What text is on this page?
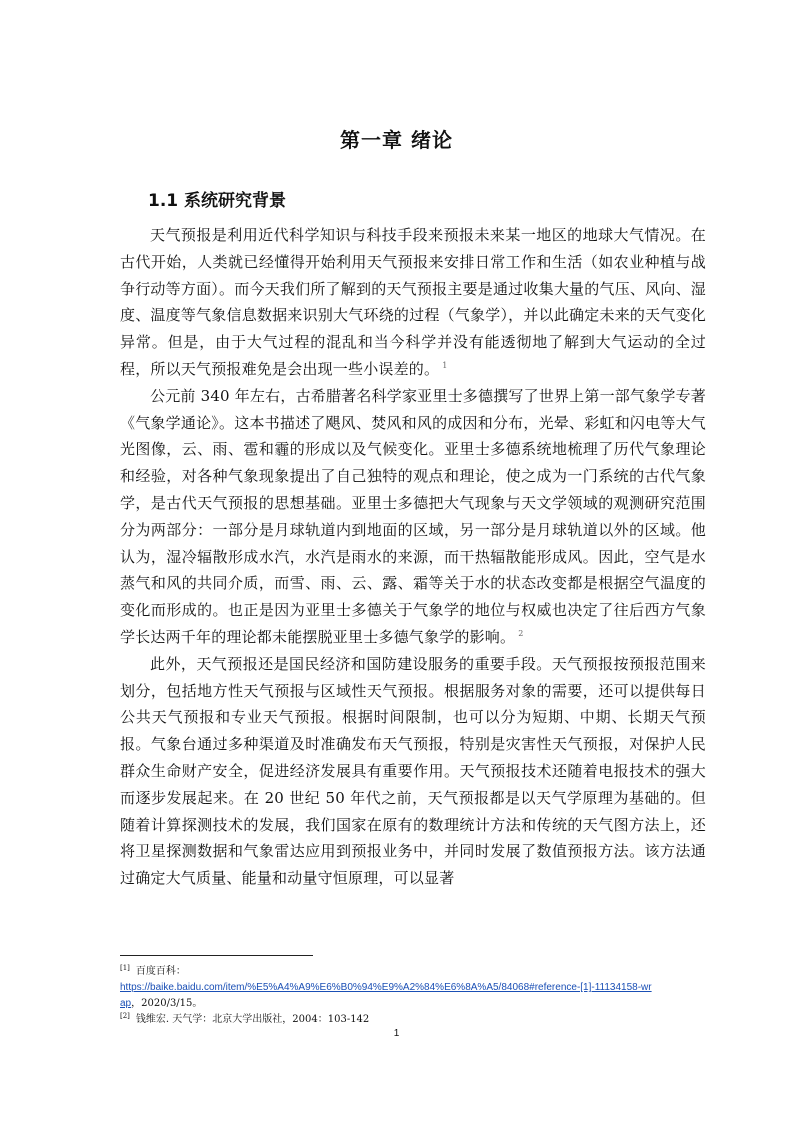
第一章 绪论
1.1 系统研究背景

天气预报是利用近代科学知识与科技手段来预报未来某一地区的地球大气情况。在古代开始，人类就已经懂得开始利用天气预报来安排日常工作和生活（如农业种植与战争行动等方面）。而今天我们所了解到的天气预报主要是通过收集大量的气压、风向、湿度、温度等气象信息数据来识别大气环绕的过程（气象学），并以此确定未来的天气变化异常。但是，由于大气过程的混乱和当今科学并没有能透彻地了解到大气运动的全过程，所以天气预报难免是会出现一些小误差的。 $^1$

公元前 340 年左右，古希腊著名科学家亚里士多德撰写了世界上第一部气象学专著《气象学通论》。这本书描述了飓风、焚风和风的成因和分布，光晕、彩虹和闪电等大气光图像，云、雨、雹和霾的形成以及气候变化。亚里士多德系统地梳理了历代气象理论和经验，对各种气象现象提出了自己独特的观点和理论，使之成为一门系统的古代气象学，是古代天气预报的思想基础。亚里士多德把大气现象与天文学领域的观测研究范围分为两部分：一部分是月球轨道内到地面的区域，另一部分是月球轨道以外的区域。他认为，湿冷辐散形成水汽，水汽是雨水的来源，而干热辐散能形成风。因此，空气是水蒸气和风的共同介质，而雪、雨、云、露、霜等关于水的状态改变都是根据空气温度的变化而形成的。也正是因为亚里士多德关于气象学的地位与权威也决定了往后西方气象学长达两千年的理论都未能摆脱亚里士多德气象学的影响。 $^2$

此外，天气预报还是国民经济和国防建设服务的重要手段。天气预报按预报范围来划分，包括地方性天气预报与区域性天气预报。根据服务对象的需要，还可以提供每日公共天气预报和专业天气预报。根据时间限制，也可以分为短期、中期、长期天气预报。气象台通过多种渠道及时准确发布天气预报，特别是灾害性天气预报，对保护人民群众生命财产安全，促进经济发展具有重要作用。天气预报技术还随着电报技术的强大而逐步发展起来。在 20 世纪 50 年代之前，天气预报都是以天气学原理为基础的。但随着计算探测技术的发展，我们国家在原有的数理统计方法和传统的天气图方法上，还将卫星探测数据和气象雷达应用到预报业务中，并同时发展了数值预报方法。该方法通过确定大气质量、能量和动量守恒原理，可以显著

[1] 百度百科：

https://baike.baidu.com/item/%E5%A4%A9%E6%B0%94%E9%A2%84%E6%8A%A5/84068#reference-[1]-11134158-wr

ap，2020/3/15。

[2] 钱维宏. 天气学：北京大学出版社，2004：103-142

1
